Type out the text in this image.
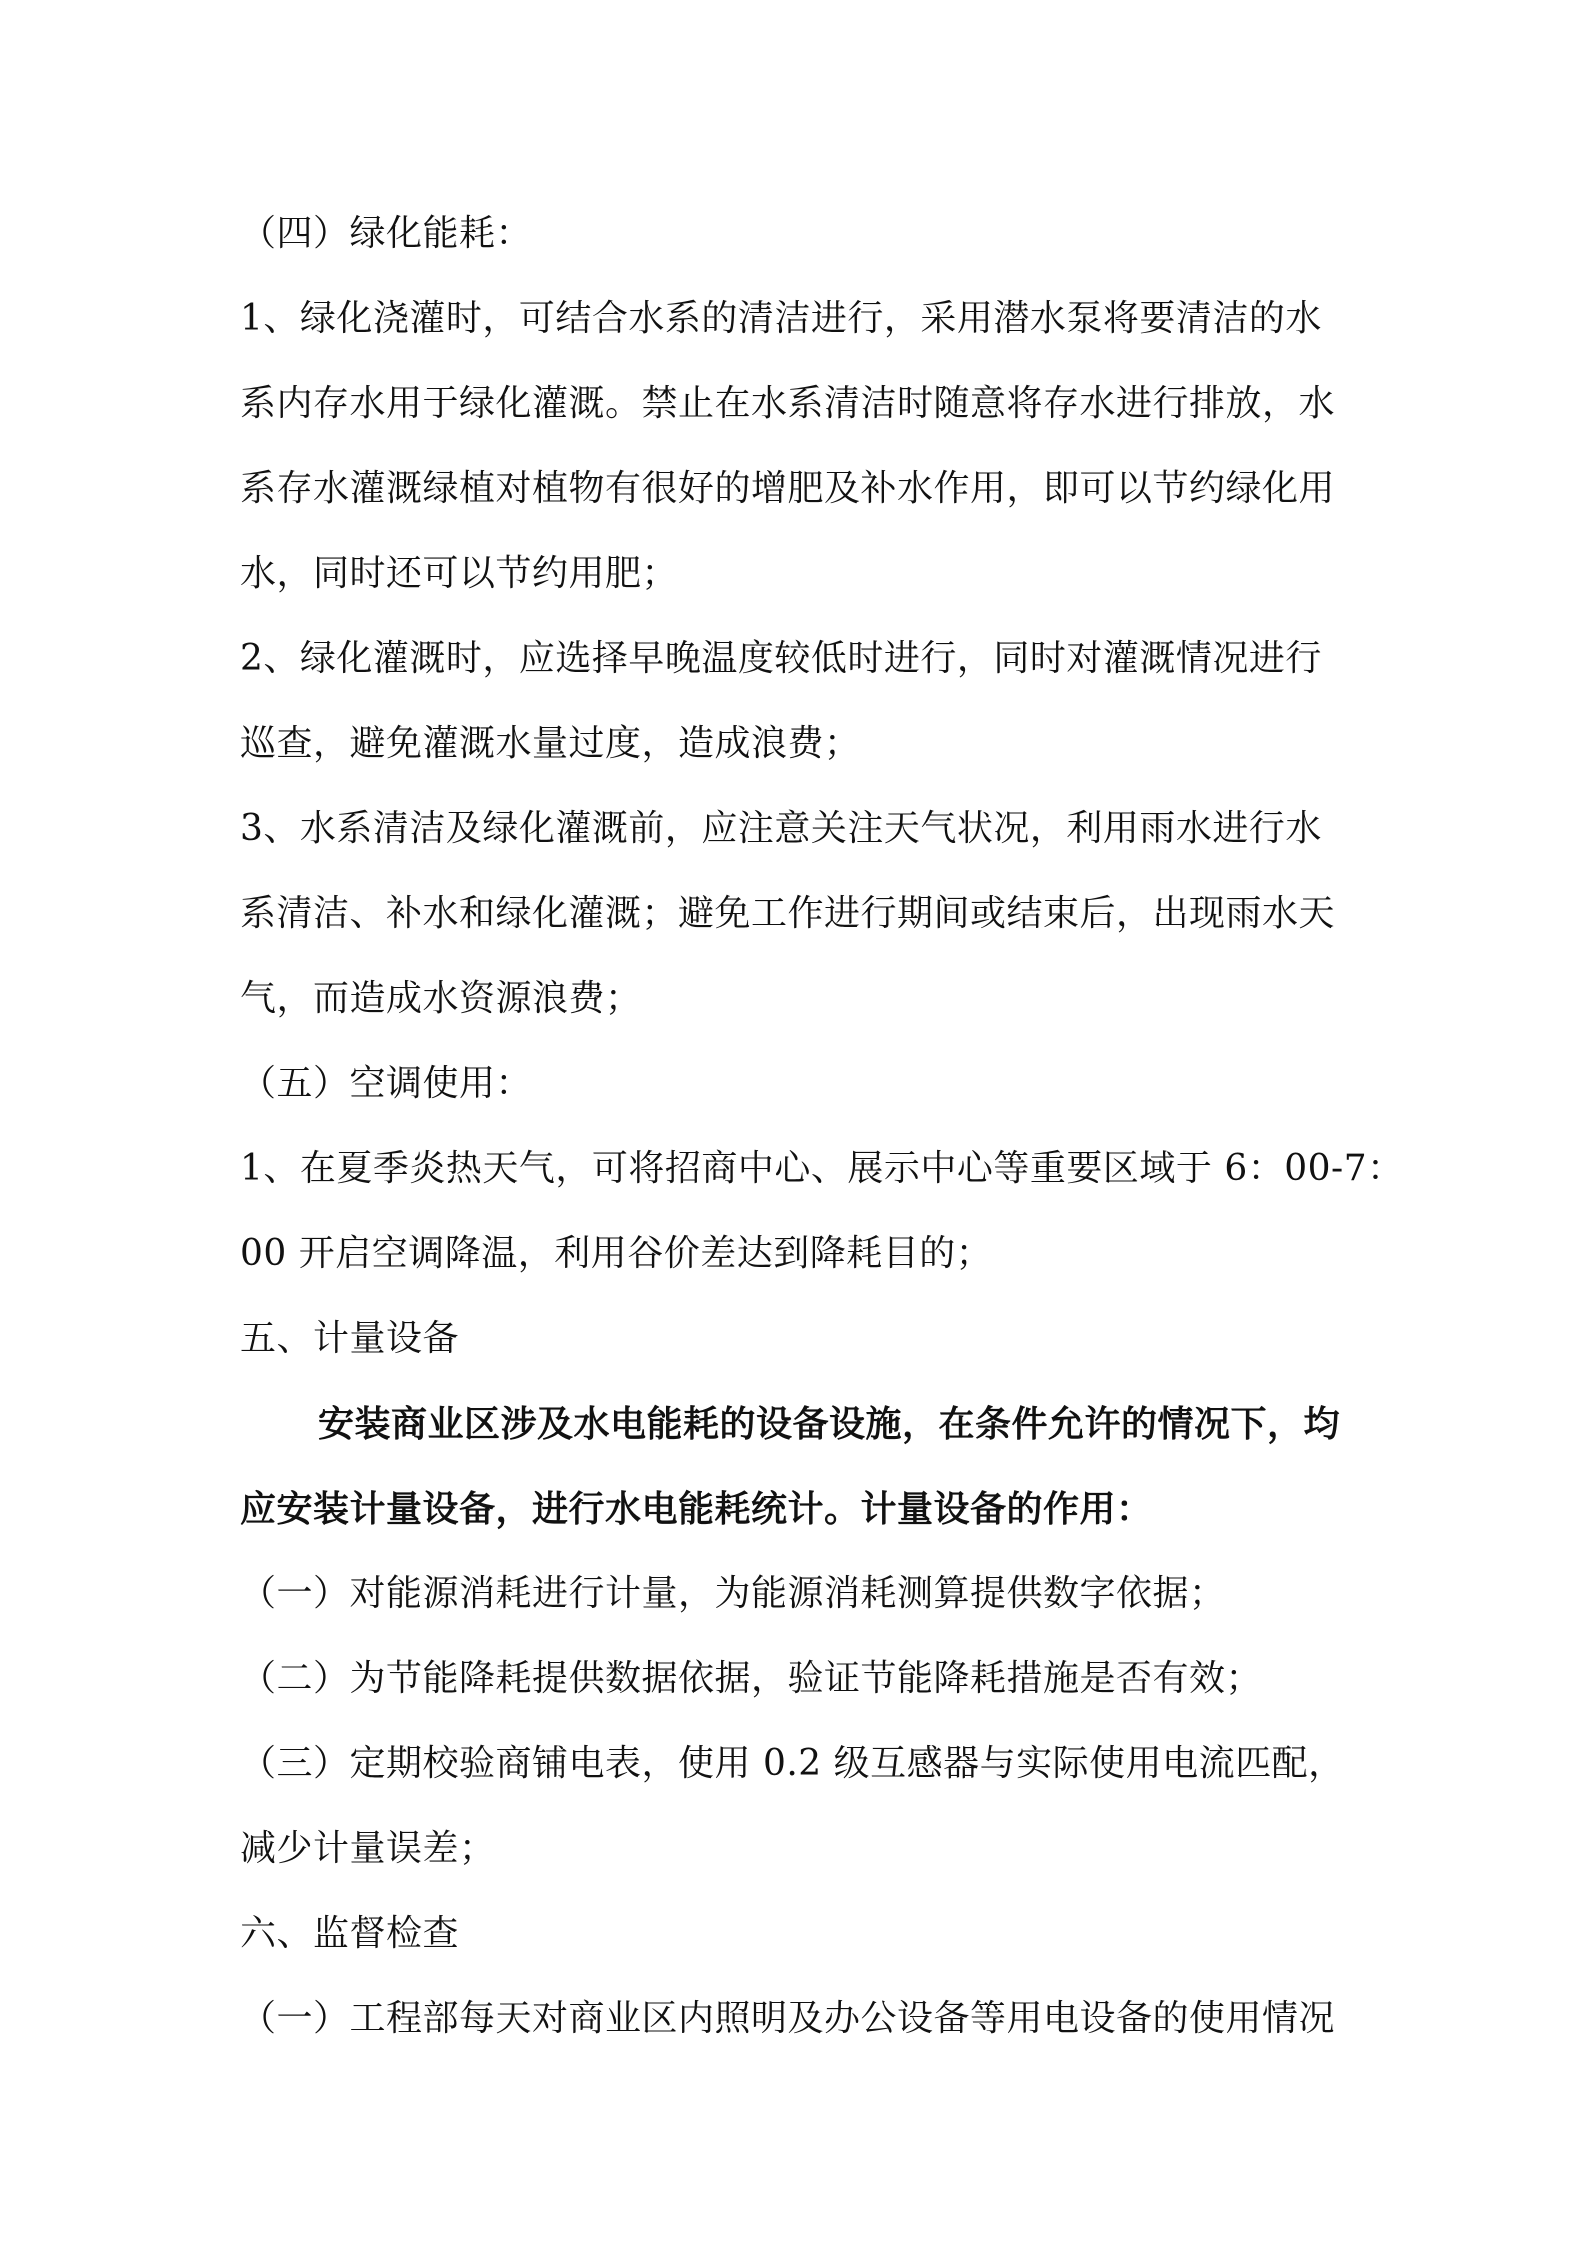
（四）绿化能耗：
1、绿化浇灌时，可结合水系的清洁进行，采用潜水泵将要清洁的水
系内存水用于绿化灌溉。禁止在水系清洁时随意将存水进行排放，水
系存水灌溉绿植对植物有很好的增肥及补水作用，即可以节约绿化用
水，同时还可以节约用肥；
2、绿化灌溉时，应选择早晚温度较低时进行，同时对灌溉情况进行
巡查，避免灌溉水量过度，造成浪费；
3、水系清洁及绿化灌溉前，应注意关注天气状况，利用雨水进行水
系清洁、补水和绿化灌溉；避免工作进行期间或结束后，出现雨水天
气，而造成水资源浪费；
（五）空调使用：
1、在夏季炎热天气，可将招商中心、展示中心等重要区域于 6：00-7：
00 开启空调降温，利用谷价差达到降耗目的；
五、计量设备
安装商业区涉及水电能耗的设备设施，在条件允许的情况下，均
应安装计量设备，进行水电能耗统计。计量设备的作用：
（一）对能源消耗进行计量，为能源消耗测算提供数字依据；
（二）为节能降耗提供数据依据，验证节能降耗措施是否有效；
（三）定期校验商铺电表，使用 0.2 级互感器与实际使用电流匹配，
减少计量误差；
六、监督检查
（一）工程部每天对商业区内照明及办公设备等用电设备的使用情况
